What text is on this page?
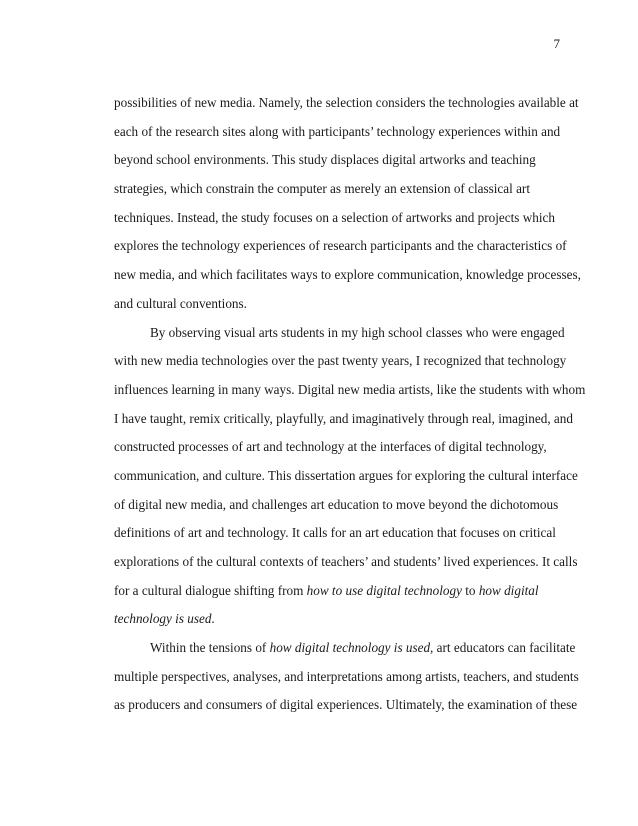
7
possibilities of new media. Namely, the selection considers the technologies available at
each of the research sites along with participants’ technology experiences within and
beyond school environments. This study displaces digital artworks and teaching
strategies, which constrain the computer as merely an extension of classical art
techniques. Instead, the study focuses on a selection of artworks and projects which
explores the technology experiences of research participants and the characteristics of
new media, and which facilitates ways to explore communication, knowledge processes,
and cultural conventions.
By observing visual arts students in my high school classes who were engaged
with new media technologies over the past twenty years, I recognized that technology
influences learning in many ways. Digital new media artists, like the students with whom
I have taught, remix critically, playfully, and imaginatively through real, imagined, and
constructed processes of art and technology at the interfaces of digital technology,
communication, and culture. This dissertation argues for exploring the cultural interface
of digital new media, and challenges art education to move beyond the dichotomous
definitions of art and technology. It calls for an art education that focuses on critical
explorations of the cultural contexts of teachers’ and students’ lived experiences. It calls
for a cultural dialogue shifting from how to use digital technology to how digital
technology is used.
Within the tensions of how digital technology is used, art educators can facilitate
multiple perspectives, analyses, and interpretations among artists, teachers, and students
as producers and consumers of digital experiences. Ultimately, the examination of these
